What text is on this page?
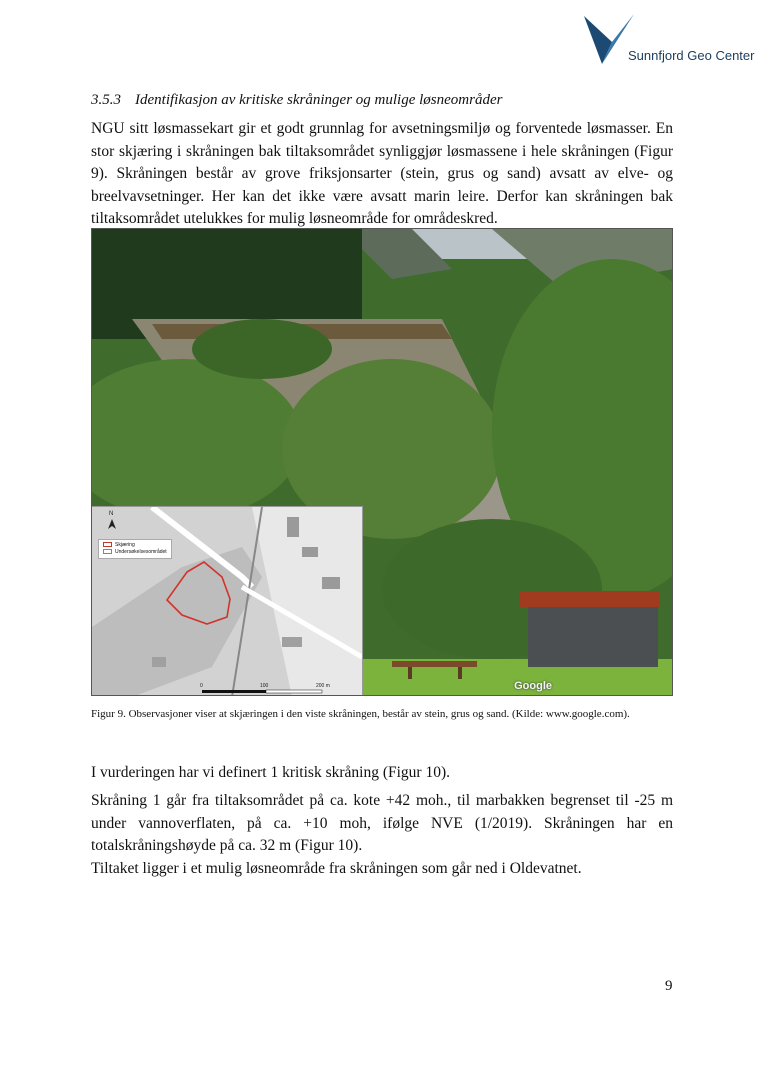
Sunnfjord Geo Center
3.5.3 Identifikasjon av kritiske skråninger og mulige løsneområder

NGU sitt løsmassekart gir et godt grunnlag for avsetningsmiljø og forventede løsmasser. En stor skjæring i skråningen bak tiltaksområdet synliggjør løsmassene i hele skråningen (Figur 9). Skråningen består av grove friksjonsarter (stein, grus og sand) avsatt av elve- og breelvavsetninger. Her kan det ikke være avsatt marin leire. Derfor kan skråningen bak tiltaksområdet utelukkes for mulig løsneområde for områdeskred.

Skjæring
Undersøkelsesområdet
0	100	200 m
N
Google
Figur 9. Observasjoner viser at skjæringen i den viste skråningen, består av stein, grus og sand. (Kilde: www.google.com).

I vurderingen har vi definert 1 kritisk skråning (Figur 10).

Skråning 1 går fra tiltaksområdet på ca. kote +42 moh., til marbakken begrenset til -25 m under vannoverflaten, på ca. +10 moh, ifølge NVE (1/2019). Skråningen har en totalskråningshøyde på ca. 32 m (Figur 10).

Tiltaket ligger i et mulig løsneområde fra skråningen som går ned i Oldevatnet.

9
